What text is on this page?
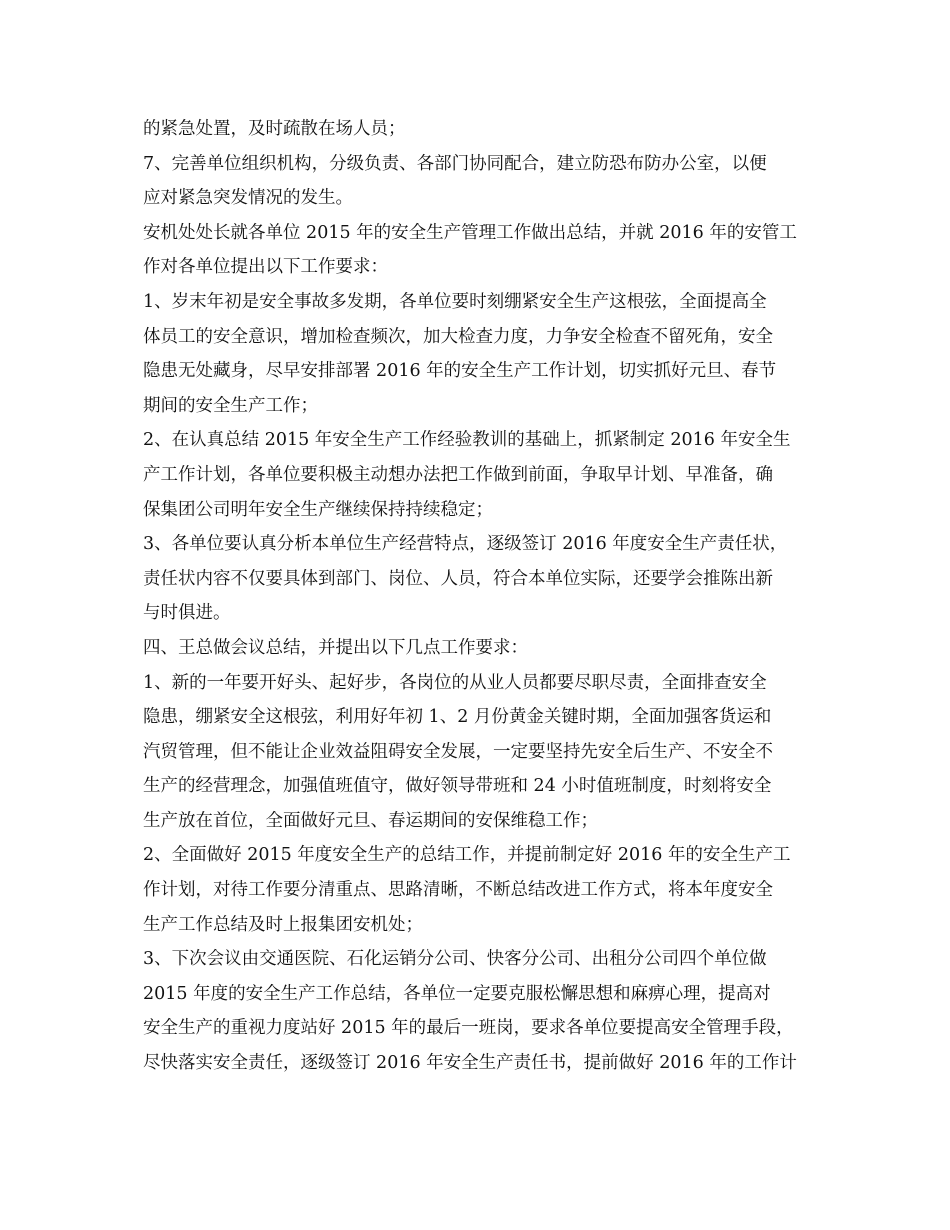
的紧急处置，及时疏散在场人员；
7、完善单位组织机构，分级负责、各部门协同配合，建立防恐布防办公室，以便
应对紧急突发情况的发生。
安机处处长就各单位 2015 年的安全生产管理工作做出总结，并就 2016 年的安管工
作对各单位提出以下工作要求：
1、岁末年初是安全事故多发期，各单位要时刻绷紧安全生产这根弦，全面提高全
体员工的安全意识，增加检查频次，加大检查力度，力争安全检查不留死角，安全
隐患无处藏身，尽早安排部署 2016 年的安全生产工作计划，切实抓好元旦、春节
期间的安全生产工作；
2、在认真总结 2015 年安全生产工作经验教训的基础上，抓紧制定 2016 年安全生
产工作计划，各单位要积极主动想办法把工作做到前面，争取早计划、早准备，确
保集团公司明年安全生产继续保持持续稳定；
3、各单位要认真分析本单位生产经营特点，逐级签订 2016 年度安全生产责任状，
责任状内容不仅要具体到部门、岗位、人员，符合本单位实际，还要学会推陈出新
与时俱进。
四、王总做会议总结，并提出以下几点工作要求：
1、新的一年要开好头、起好步，各岗位的从业人员都要尽职尽责，全面排查安全
隐患，绷紧安全这根弦，利用好年初 1、2 月份黄金关键时期，全面加强客货运和
汽贸管理，但不能让企业效益阻碍安全发展，一定要坚持先安全后生产、不安全不
生产的经营理念，加强值班值守，做好领导带班和 24 小时值班制度，时刻将安全
生产放在首位，全面做好元旦、春运期间的安保维稳工作；
2、全面做好 2015 年度安全生产的总结工作，并提前制定好 2016 年的安全生产工
作计划，对待工作要分清重点、思路清晰，不断总结改进工作方式，将本年度安全
生产工作总结及时上报集团安机处；
3、下次会议由交通医院、石化运销分公司、快客分公司、出租分公司四个单位做
2015 年度的安全生产工作总结，各单位一定要克服松懈思想和麻痹心理，提高对
安全生产的重视力度站好 2015 年的最后一班岗，要求各单位要提高安全管理手段，
尽快落实安全责任，逐级签订 2016 年安全生产责任书，提前做好 2016 年的工作计
